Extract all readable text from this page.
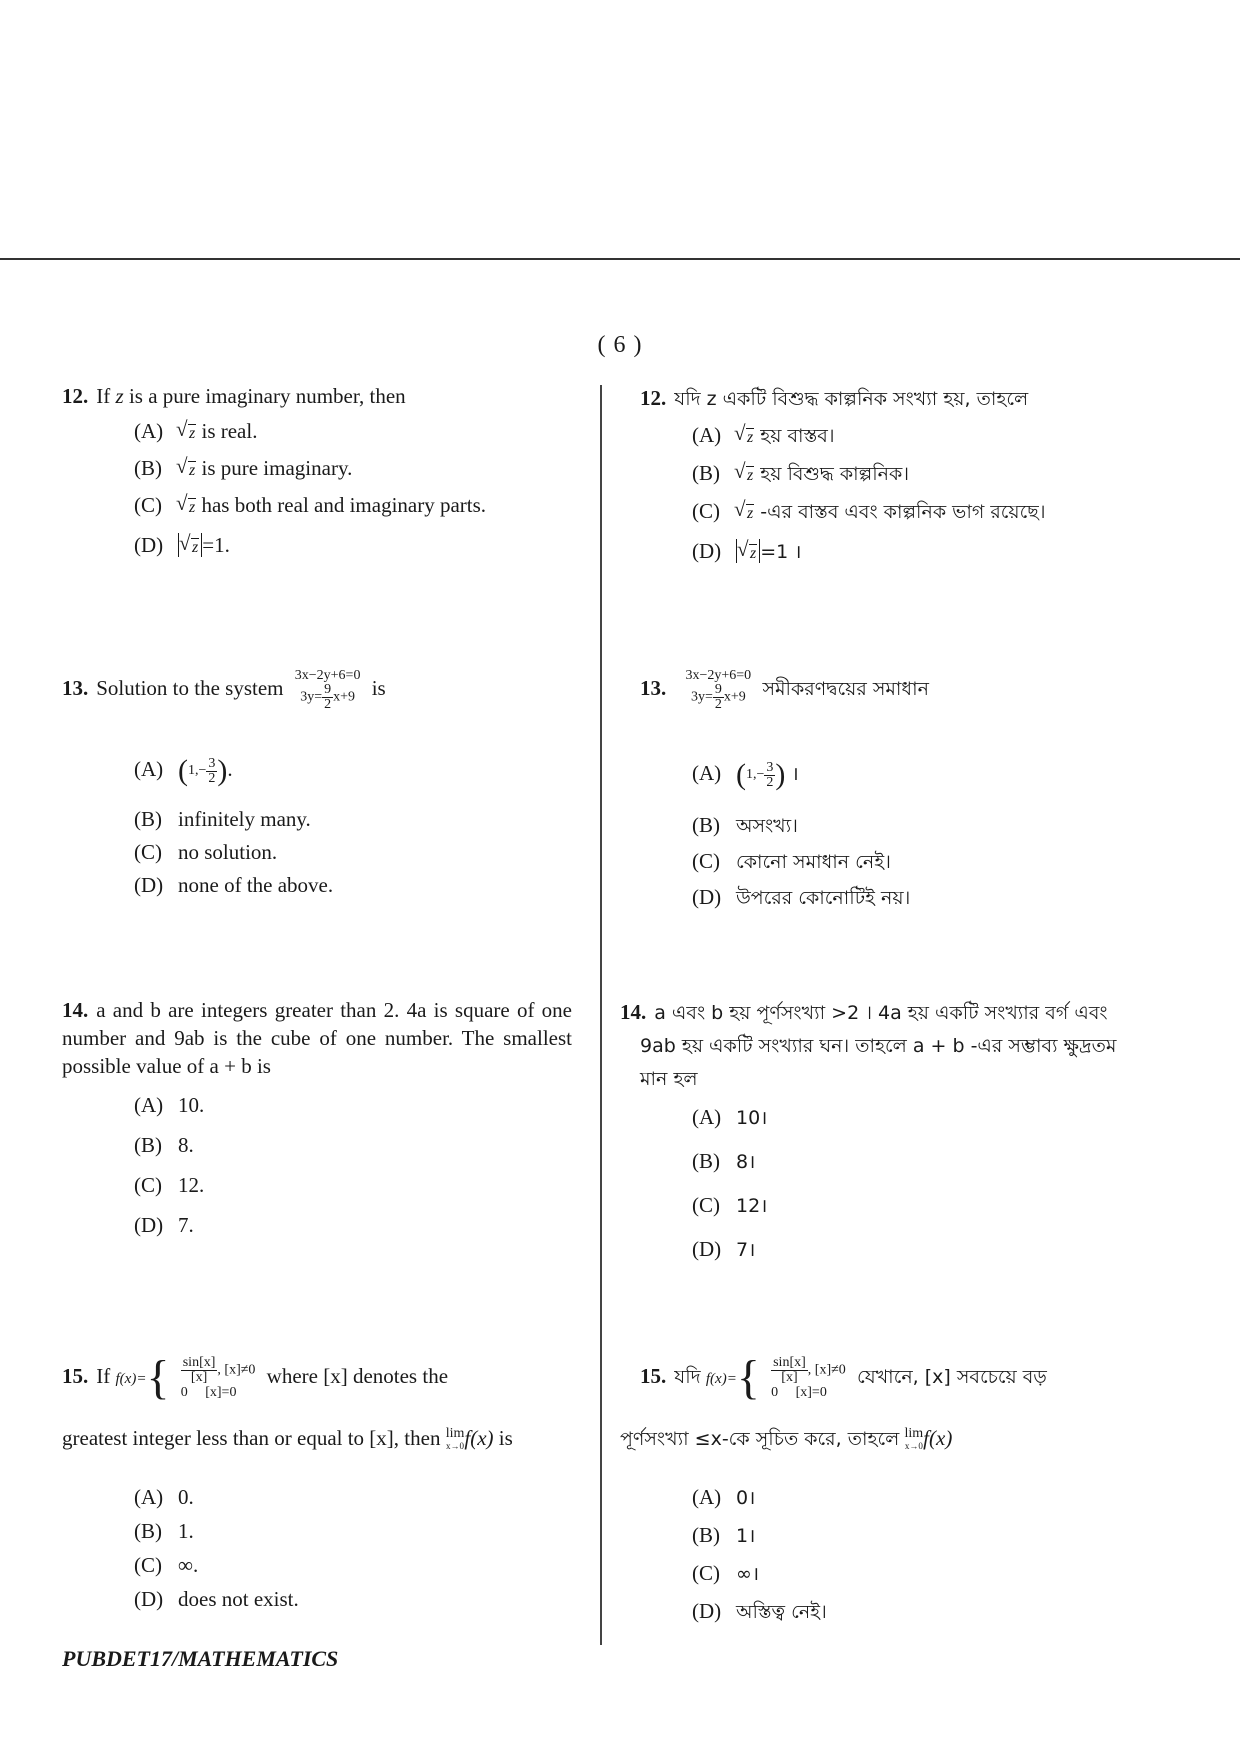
( 6 )
12. If z is a pure imaginary number, then
(A) √ z is real.
(B) √ z is pure imaginary.
(C) √ z has both real and imaginary parts.
(D) √ z =1.
13. Solution to the system
3x−2y+6=0
$3y= \frac{9}{2} x+9$ is
(A) ($1,- \frac{3}{2}$ ).
(B) infinitely many.
(C) no solution.
(D) none of the above.
14. a and b are integers greater than 2. 4a is square of one number and 9ab is the cube of one number. The smallest possible value of a + b is
(A) 10.
(B) 8.
(C) 12.
(D) 7.
15. If $f(x)=\{ \frac{\sin[x]}{[x]}$ , [x]≠0
0 [x]=0
where [x] denotes the
greatest integer less than or equal to [x], then lim
x→0 f(x) is
(A) 0.
(B) 1.
(C) ∞.
(D) does not exist.
12. যদি z একটি বিশুদ্ধ কাল্পনিক সংখ্যা হয়, তাহলে
(A) √ z হয় বাস্তব।
(B) √ z হয় বিশুদ্ধ কাল্পনিক।
(C) √ z -এর বাস্তব এবং কাল্পনিক ভাগ রয়েছে।
(D) √ z =1 ।
13.
3x−2y+6=0
$3y= \frac{9}{2} x+9$ সমীকরণদ্বয়ের সমাধান
(A) ($1,- \frac{3}{2}$ ) ।
(B) অসংখ্য।
(C) কোনো সমাধান নেই।
(D) উপরের কোনোটিই নয়।
14. a এবং b হয় পূর্ণসংখ্যা >2 । 4a হয় একটি সংখ্যার বর্গ এবং 9ab হয় একটি সংখ্যার ঘন। তাহলে a + b -এর সম্ভাব্য ক্ষুদ্রতম মান হল
(A) 10।
(B) 8।
(C) 12।
(D) 7।
15. যদি $f(x)=\{ \frac{\sin[x]}{[x]}$ , [x]≠0
0 [x]=0
যেখানে, [x] সবচেয়ে বড়
পূর্ণসংখ্যা ≤x-কে সূচিত করে, তাহলে lim
x→0 f(x)
(A) 0।
(B) 1।
(C) ∞।
(D) অস্তিত্ব নেই।
PUBDET17/MATHEMATICS
